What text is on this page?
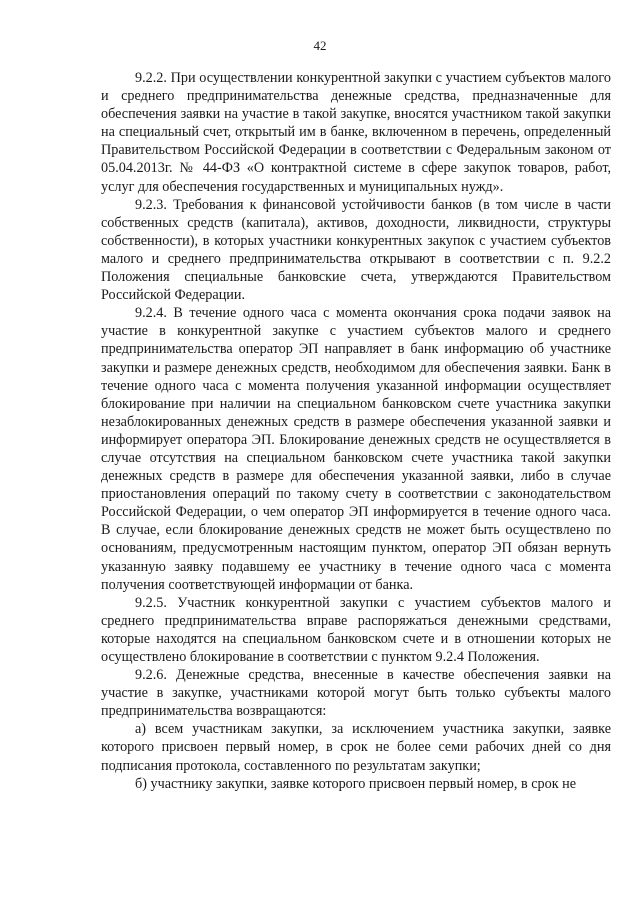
42

9.2.2. При осуществлении конкурентной закупки с участием субъектов малого и среднего предпринимательства денежные средства, предназначенные для обеспечения заявки на участие в такой закупке, вносятся участником такой закупки на специальный счет, открытый им в банке, включенном в перечень, определенный Правительством Российской Федерации в соответствии с Федеральным законом от 05.04.2013г. № 44-ФЗ «О контрактной системе в сфере закупок товаров, работ, услуг для обеспечения государственных и муниципальных нужд».

9.2.3. Требования к финансовой устойчивости банков (в том числе в части собственных средств (капитала), активов, доходности, ликвидности, структуры собственности), в которых участники конкурентных закупок с участием субъектов малого и среднего предпринимательства открывают в соответствии с п. 9.2.2 Положения специальные банковские счета, утверждаются Правительством Российской Федерации.

9.2.4. В течение одного часа с момента окончания срока подачи заявок на участие в конкурентной закупке с участием субъектов малого и среднего предпринимательства оператор ЭП направляет в банк информацию об участнике закупки и размере денежных средств, необходимом для обеспечения заявки. Банк в течение одного часа с момента получения указанной информации осуществляет блокирование при наличии на специальном банковском счете участника закупки незаблокированных денежных средств в размере обеспечения указанной заявки и информирует оператора ЭП. Блокирование денежных средств не осуществляется в случае отсутствия на специальном банковском счете участника такой закупки денежных средств в размере для обеспечения указанной заявки, либо в случае приостановления операций по такому счету в соответствии с законодательством Российской Федерации, о чем оператор ЭП информируется в течение одного часа. В случае, если блокирование денежных средств не может быть осуществлено по основаниям, предусмотренным настоящим пунктом, оператор ЭП обязан вернуть указанную заявку подавшему ее участнику в течение одного часа с момента получения соответствующей информации от банка.

9.2.5. Участник конкурентной закупки с участием субъектов малого и среднего предпринимательства вправе распоряжаться денежными средствами, которые находятся на специальном банковском счете и в отношении которых не осуществлено блокирование в соответствии с пунктом 9.2.4 Положения.

9.2.6. Денежные средства, внесенные в качестве обеспечения заявки на участие в закупке, участниками которой могут быть только субъекты малого предпринимательства возвращаются:

а) всем участникам закупки, за исключением участника закупки, заявке которого присвоен первый номер, в срок не более семи рабочих дней со дня подписания протокола, составленного по результатам закупки;

б) участнику закупки, заявке которого присвоен первый номер, в срок не
